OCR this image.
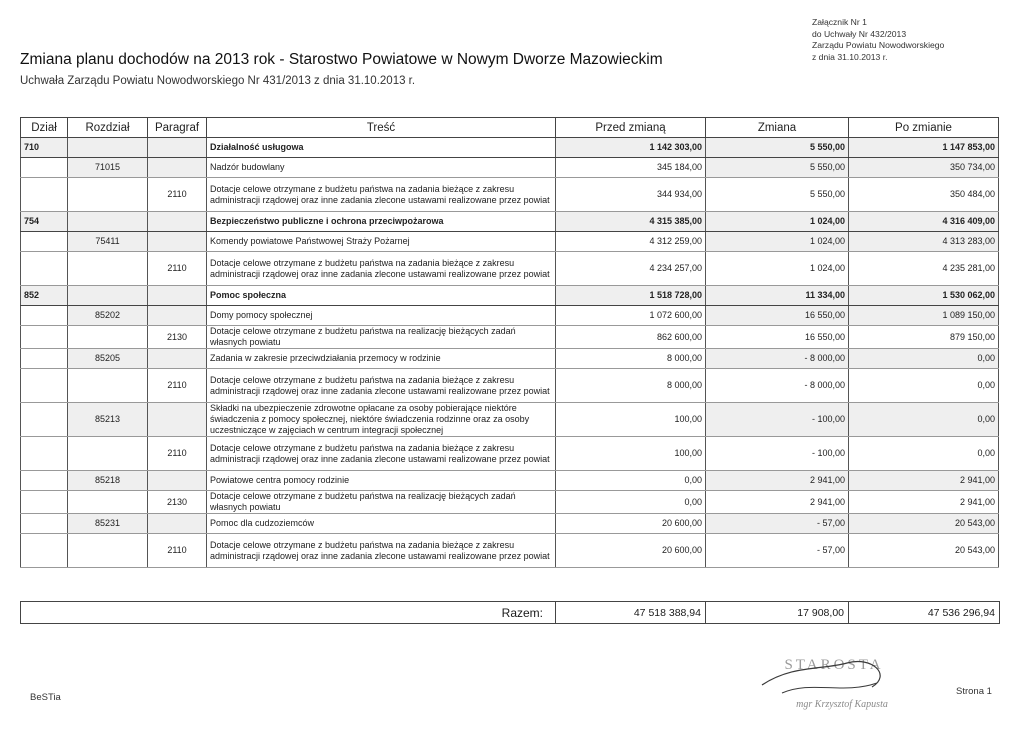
Załącznik Nr 1
do Uchwały Nr 432/2013
Zarządu Powiatu Nowodworskiego
z dnia 31.10.2013 r.
Zmiana planu dochodów na 2013 rok - Starostwo Powiatowe w Nowym Dworze Mazowieckim
Uchwała Zarządu Powiatu Nowodworskiego Nr 431/2013 z dnia 31.10.2013 r.
Dział	Rozdział	Paragraf	Treść	Przed zmianą	Zmiana	Po zmianie
710			Działalność usługowa	1 142 303,00	5 550,00	1 147 853,00
	71015		Nadzór budowlany	345 184,00	5 550,00	350 734,00
		2110	Dotacje celowe otrzymane z budżetu państwa na zadania bieżące z zakresu administracji rządowej oraz inne zadania zlecone ustawami realizowane przez powiat	344 934,00	5 550,00	350 484,00
754			Bezpieczeństwo publiczne i ochrona przeciwpożarowa	4 315 385,00	1 024,00	4 316 409,00
	75411		Komendy powiatowe Państwowej Straży Pożarnej	4 312 259,00	1 024,00	4 313 283,00
		2110	Dotacje celowe otrzymane z budżetu państwa na zadania bieżące z zakresu administracji rządowej oraz inne zadania zlecone ustawami realizowane przez powiat	4 234 257,00	1 024,00	4 235 281,00
852			Pomoc społeczna	1 518 728,00	11 334,00	1 530 062,00
	85202		Domy pomocy społecznej	1 072 600,00	16 550,00	1 089 150,00
		2130	Dotacje celowe otrzymane z budżetu państwa na realizację bieżących zadań własnych powiatu	862 600,00	16 550,00	879 150,00
	85205		Zadania w zakresie przeciwdziałania przemocy w rodzinie	8 000,00	- 8 000,00	0,00
		2110	Dotacje celowe otrzymane z budżetu państwa na zadania bieżące z zakresu administracji rządowej oraz inne zadania zlecone ustawami realizowane przez powiat	8 000,00	- 8 000,00	0,00
	85213		Składki na ubezpieczenie zdrowotne opłacane za osoby pobierające niektóre świadczenia z pomocy społecznej, niektóre świadczenia rodzinne oraz za osoby uczestniczące w zajęciach w centrum integracji społecznej	100,00	- 100,00	0,00
		2110	Dotacje celowe otrzymane z budżetu państwa na zadania bieżące z zakresu administracji rządowej oraz inne zadania zlecone ustawami realizowane przez powiat	100,00	- 100,00	0,00
	85218		Powiatowe centra pomocy rodzinie	0,00	2 941,00	2 941,00
		2130	Dotacje celowe otrzymane z budżetu państwa na realizację bieżących zadań własnych powiatu	0,00	2 941,00	2 941,00
	85231		Pomoc dla cudzoziemców	20 600,00	- 57,00	20 543,00
		2110	Dotacje celowe otrzymane z budżetu państwa na zadania bieżące z zakresu administracji rządowej oraz inne zadania zlecone ustawami realizowane przez powiat	20 600,00	- 57,00	20 543,00
Razem:	47 518 388,94	17 908,00	47 536 296,94
STAROSTA
mgr Krzysztof Kapusta
BeSTia
Strona 1
